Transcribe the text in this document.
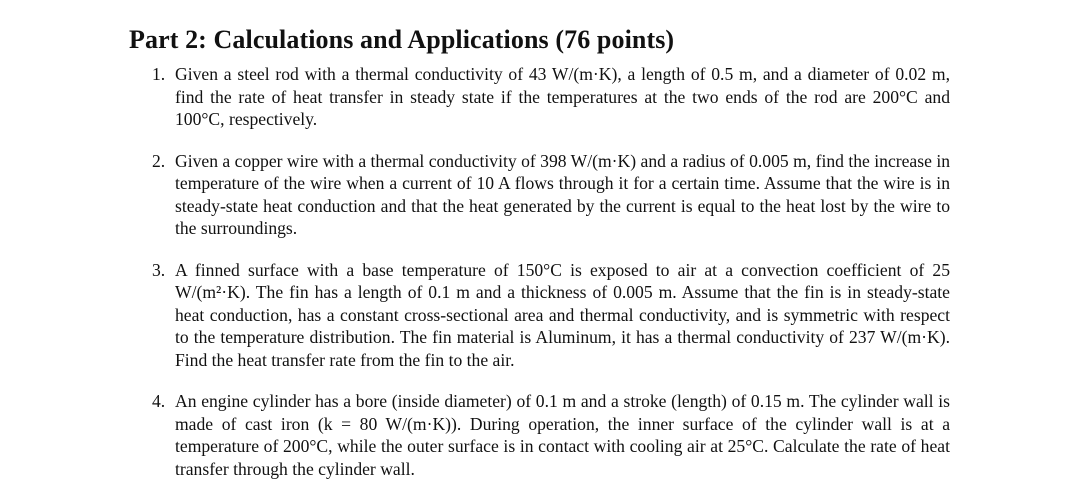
Part 2: Calculations and Applications (76 points)
1. Given a steel rod with a thermal conductivity of 43 W/(m·K), a length of 0.5 m, and a diameter of 0.02 m, find the rate of heat transfer in steady state if the temperatures at the two ends of the rod are 200°C and 100°C, respectively.
2. Given a copper wire with a thermal conductivity of 398 W/(m·K) and a radius of 0.005 m, find the increase in temperature of the wire when a current of 10 A flows through it for a certain time. Assume that the wire is in steady-state heat conduction and that the heat generated by the current is equal to the heat lost by the wire to the surroundings.
3. A finned surface with a base temperature of 150°C is exposed to air at a convection coefficient of 25 W/(m²·K). The fin has a length of 0.1 m and a thickness of 0.005 m. Assume that the fin is in steady-state heat conduction, has a constant cross-sectional area and thermal conductivity, and is symmetric with respect to the temperature distribution. The fin material is Aluminum, it has a thermal conductivity of 237 W/(m·K). Find the heat transfer rate from the fin to the air.
4. An engine cylinder has a bore (inside diameter) of 0.1 m and a stroke (length) of 0.15 m. The cylinder wall is made of cast iron (k = 80 W/(m·K)). During operation, the inner surface of the cylinder wall is at a temperature of 200°C, while the outer surface is in contact with cooling air at 25°C. Calculate the rate of heat transfer through the cylinder wall.
